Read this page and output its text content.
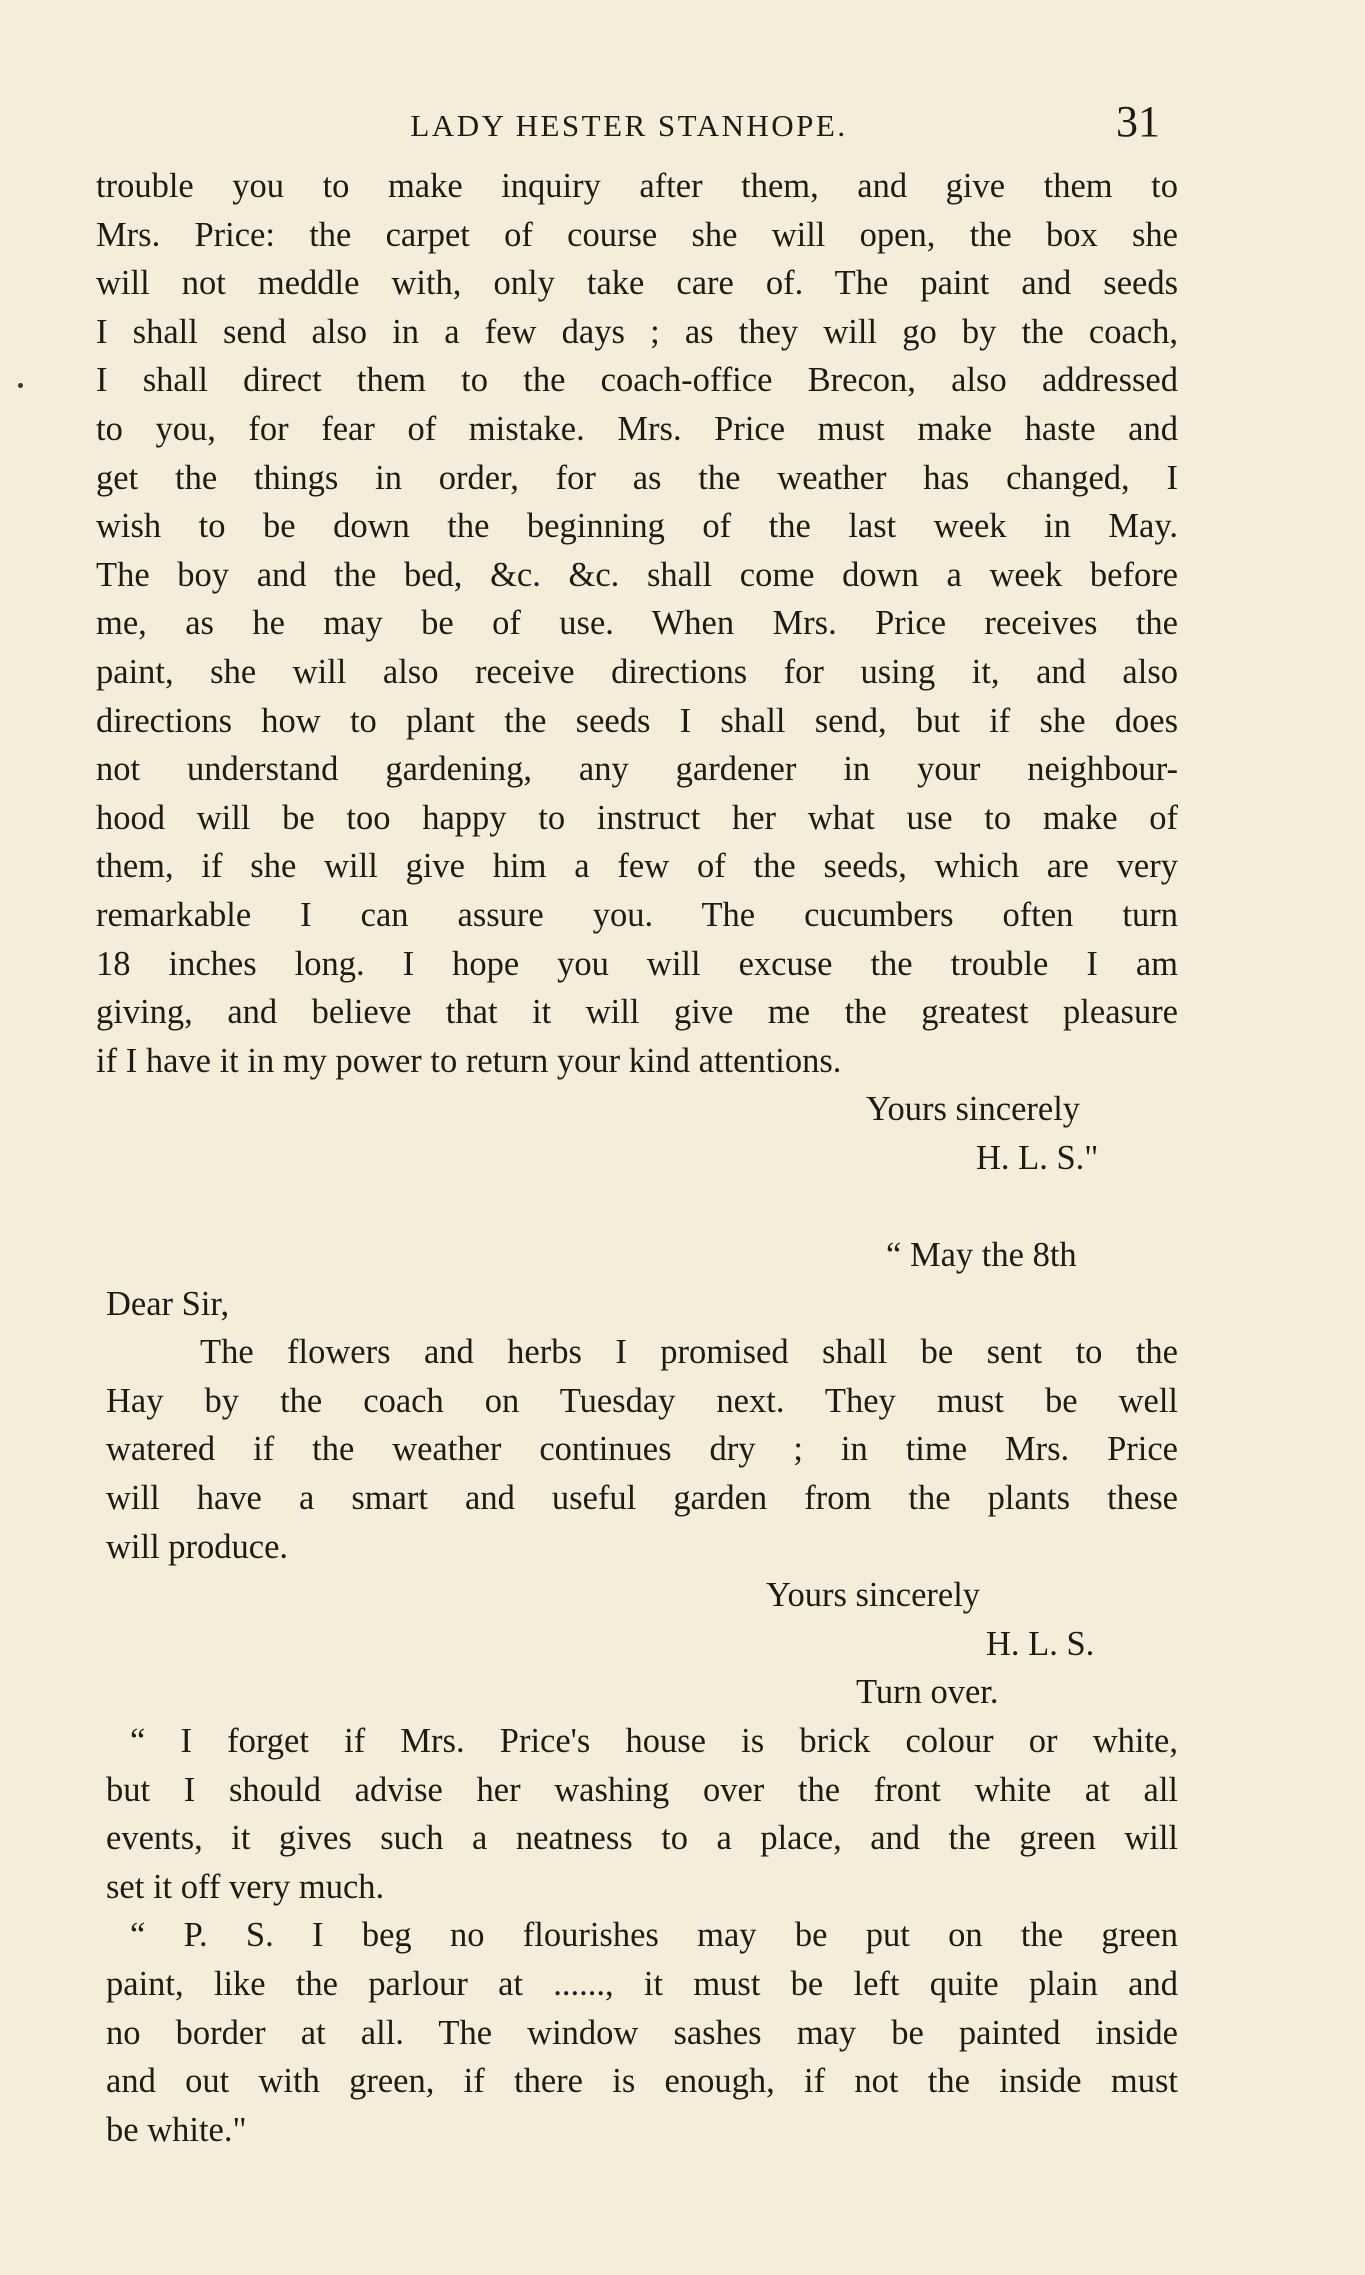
LADY HESTER STANHOPE.	31
trouble you to make inquiry after them, and give them to
Mrs. Price: the carpet of course she will open, the box she
will not meddle with, only take care of. The paint and seeds
I shall send also in a few days ; as they will go by the coach,
I shall direct them to the coach-office Brecon, also addressed
to you, for fear of mistake. Mrs. Price must make haste and
get the things in order, for as the weather has changed, I
wish to be down the beginning of the last week in May.
The boy and the bed, &c. &c. shall come down a week before
me, as he may be of use. When Mrs. Price receives the
paint, she will also receive directions for using it, and also
directions how to plant the seeds I shall send, but if she does
not understand gardening, any gardener in your neighbour-
hood will be too happy to instruct her what use to make of
them, if she will give him a few of the seeds, which are very
remarkable I can assure you. The cucumbers often turn
18 inches long. I hope you will excuse the trouble I am
giving, and believe that it will give me the greatest pleasure
if I have it in my power to return your kind attentions.
Yours sincerely
H. L. S."
“ May the 8th
Dear Sir,
The flowers and herbs I promised shall be sent to the
Hay by the coach on Tuesday next. They must be well
watered if the weather continues dry ; in time Mrs. Price
will have a smart and useful garden from the plants these
will produce.
Yours sincerely
H. L. S.
Turn over.
“ I forget if Mrs. Price's house is brick colour or white,
but I should advise her washing over the front white at all
events, it gives such a neatness to a place, and the green will
set it off very much.
“ P. S. I beg no flourishes may be put on the green
paint, like the parlour at ......, it must be left quite plain and
no border at all. The window sashes may be painted inside
and out with green, if there is enough, if not the inside must
be white."
